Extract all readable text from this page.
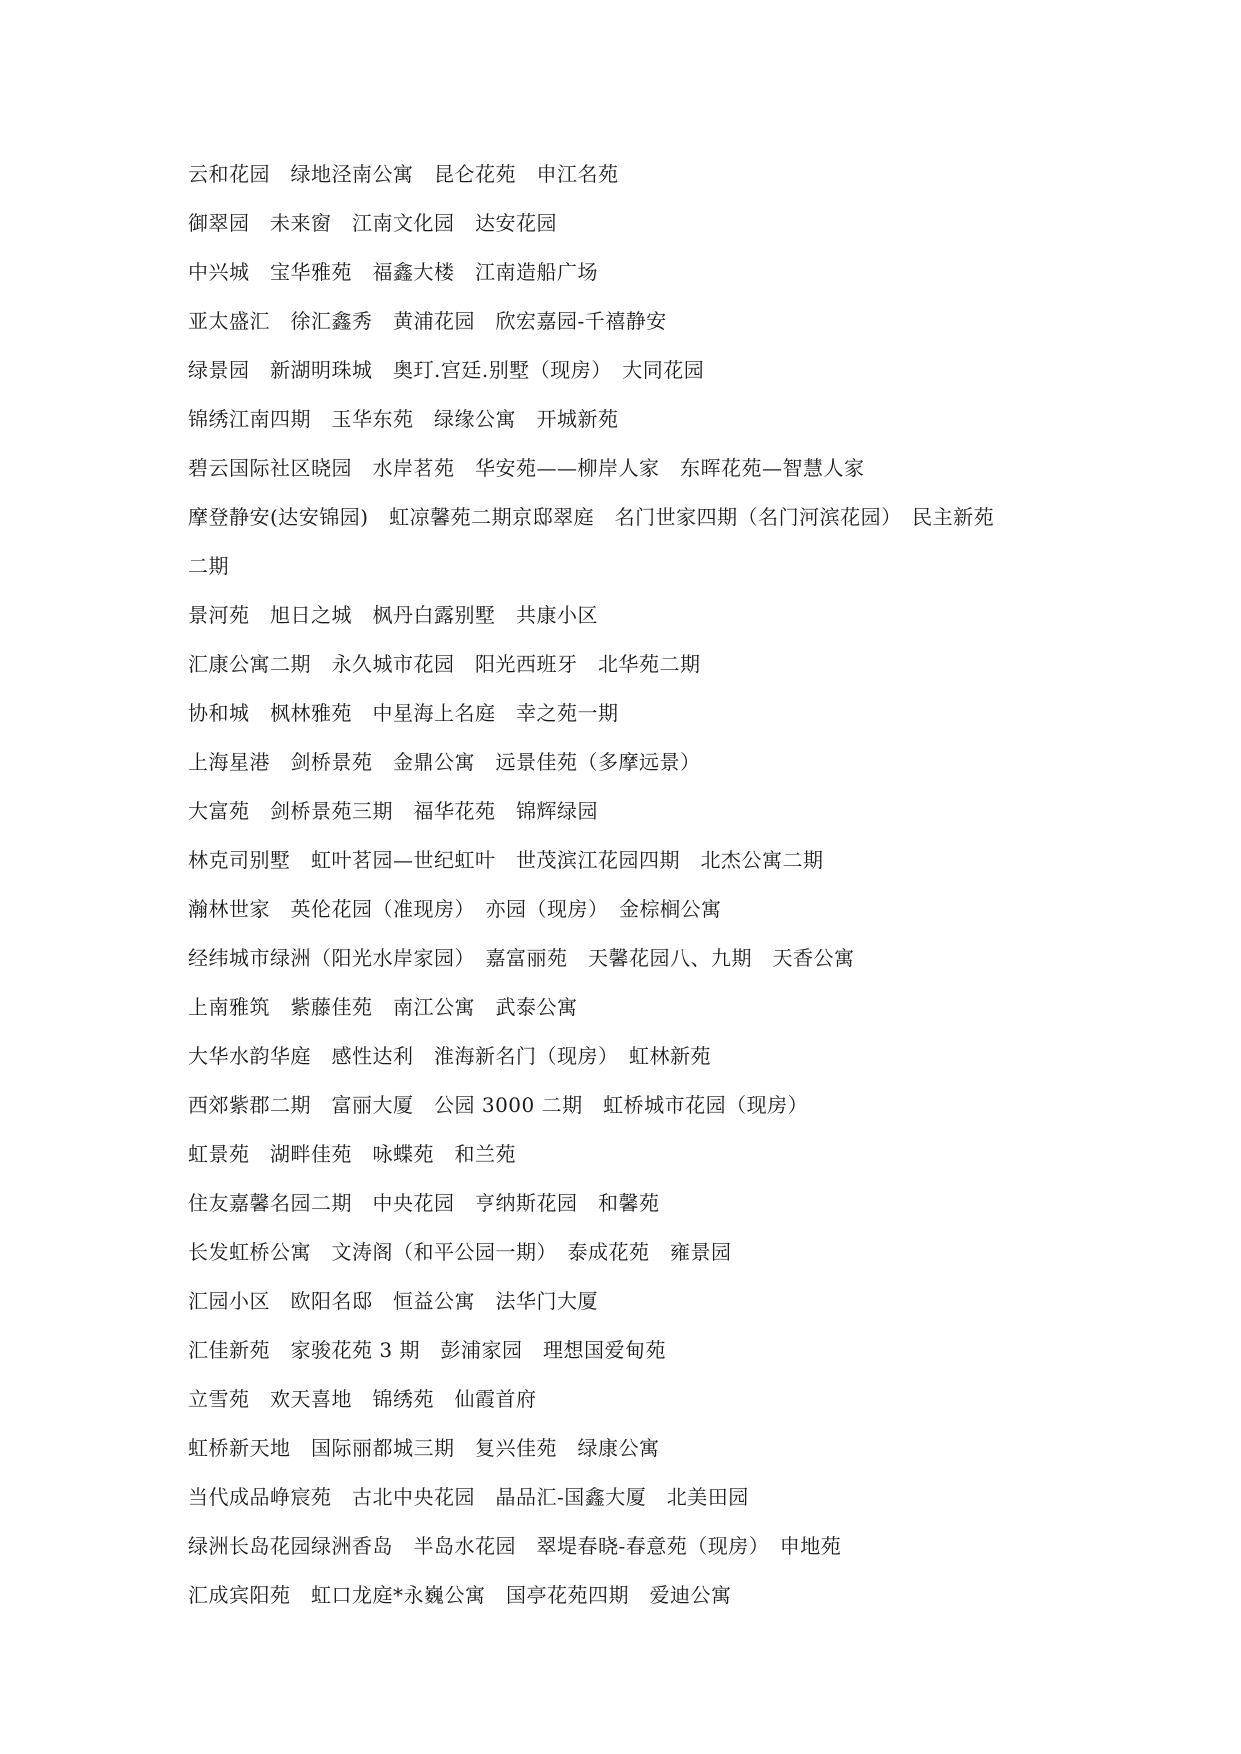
云和花园　绿地泾南公寓　昆仑花苑　申江名苑
御翠园　未来窗　江南文化园　达安花园
中兴城　宝华雅苑　福鑫大楼　江南造船广场
亚太盛汇　徐汇鑫秀　黄浦花园　欣宏嘉园-千禧静安
绿景园　新湖明珠城　奥玎.宫廷.别墅（现房）　大同花园
锦绣江南四期　玉华东苑　绿缘公寓　开城新苑
碧云国际社区晓园　水岸茗苑　华安苑——柳岸人家　东晖花苑—智慧人家
摩登静安(达安锦园)　虹凉馨苑二期京邸翠庭　名门世家四期（名门河滨花园）　民主新苑
二期
景河苑　旭日之城　枫丹白露别墅　共康小区
汇康公寓二期　永久城市花园　阳光西班牙　北华苑二期
协和城　枫林雅苑　中星海上名庭　幸之苑一期
上海星港　剑桥景苑　金鼎公寓　远景佳苑（多摩远景）
大富苑　剑桥景苑三期　福华花苑　锦辉绿园
林克司别墅　虹叶茗园—世纪虹叶　世茂滨江花园四期　北杰公寓二期
瀚林世家　英伦花园（准现房）　亦园（现房）　金棕榈公寓
经纬城市绿洲（阳光水岸家园）　嘉富丽苑　天馨花园八、九期　天香公寓
上南雅筑　紫藤佳苑　南江公寓　武泰公寓
大华水韵华庭　感性达利　淮海新名门（现房）　虹林新苑
西郊紫郡二期　富丽大厦　公园 3000 二期　虹桥城市花园（现房）
虹景苑　湖畔佳苑　咏蝶苑　和兰苑
住友嘉馨名园二期　中央花园　亨纳斯花园　和馨苑
长发虹桥公寓　文涛阁（和平公园一期）　泰成花苑　雍景园
汇园小区　欧阳名邸　恒益公寓　法华门大厦
汇佳新苑　家骏花苑 3 期　彭浦家园　理想国爱甸苑
立雪苑　欢天喜地　锦绣苑　仙霞首府
虹桥新天地　国际丽都城三期　复兴佳苑　绿康公寓
当代成品峥宸苑　古北中央花园　晶品汇-国鑫大厦　北美田园
绿洲长岛花园绿洲香岛　半岛水花园　翠堤春晓-春意苑（现房）　申地苑
汇成宾阳苑　虹口龙庭*永巍公寓　国亭花苑四期　爱迪公寓
